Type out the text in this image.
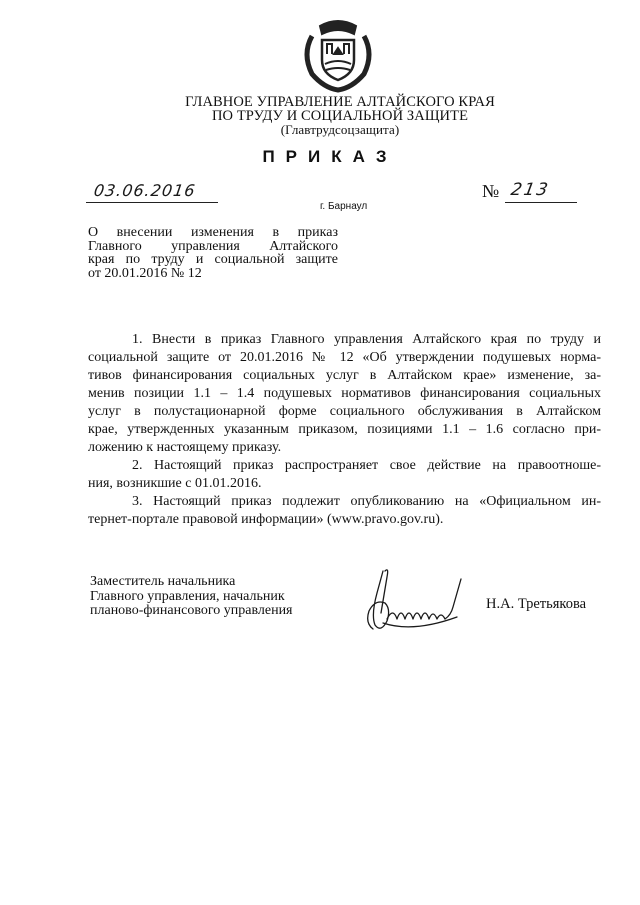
ГЛАВНОЕ УПРАВЛЕНИЕ АЛТАЙСКОГО КРАЯ
ПО ТРУДУ И СОЦИАЛЬНОЙ ЗАЩИТЕ
(Главтрудсоцзащита)
ПРИКАЗ
03.06.2016	№ 213
г. Барнаул
О внесении изменения в приказ
Главного управления Алтайского
края по труду и социальной защите
от 20.01.2016 № 12
1. Внести в приказ Главного управления Алтайского края по труду и
социальной защите от 20.01.2016 № 12 «Об утверждении подушевых норма-
тивов финансирования социальных услуг в Алтайском крае» изменение, за-
менив позиции 1.1 – 1.4 подушевых нормативов финансирования социальных
услуг в полустационарной форме социального обслуживания в Алтайском
крае, утвержденных указанным приказом, позициями 1.1 – 1.6 согласно при-
ложению к настоящему приказу.
2. Настоящий приказ распространяет свое действие на правоотноше-
ния, возникшие с 01.01.2016.
3. Настоящий приказ подлежит опубликованию на «Официальном ин-
тернет-портале правовой информации» (www.pravo.gov.ru).
Заместитель начальника
Главного управления, начальник
планово-финансового управления	Н.А. Третьякова
